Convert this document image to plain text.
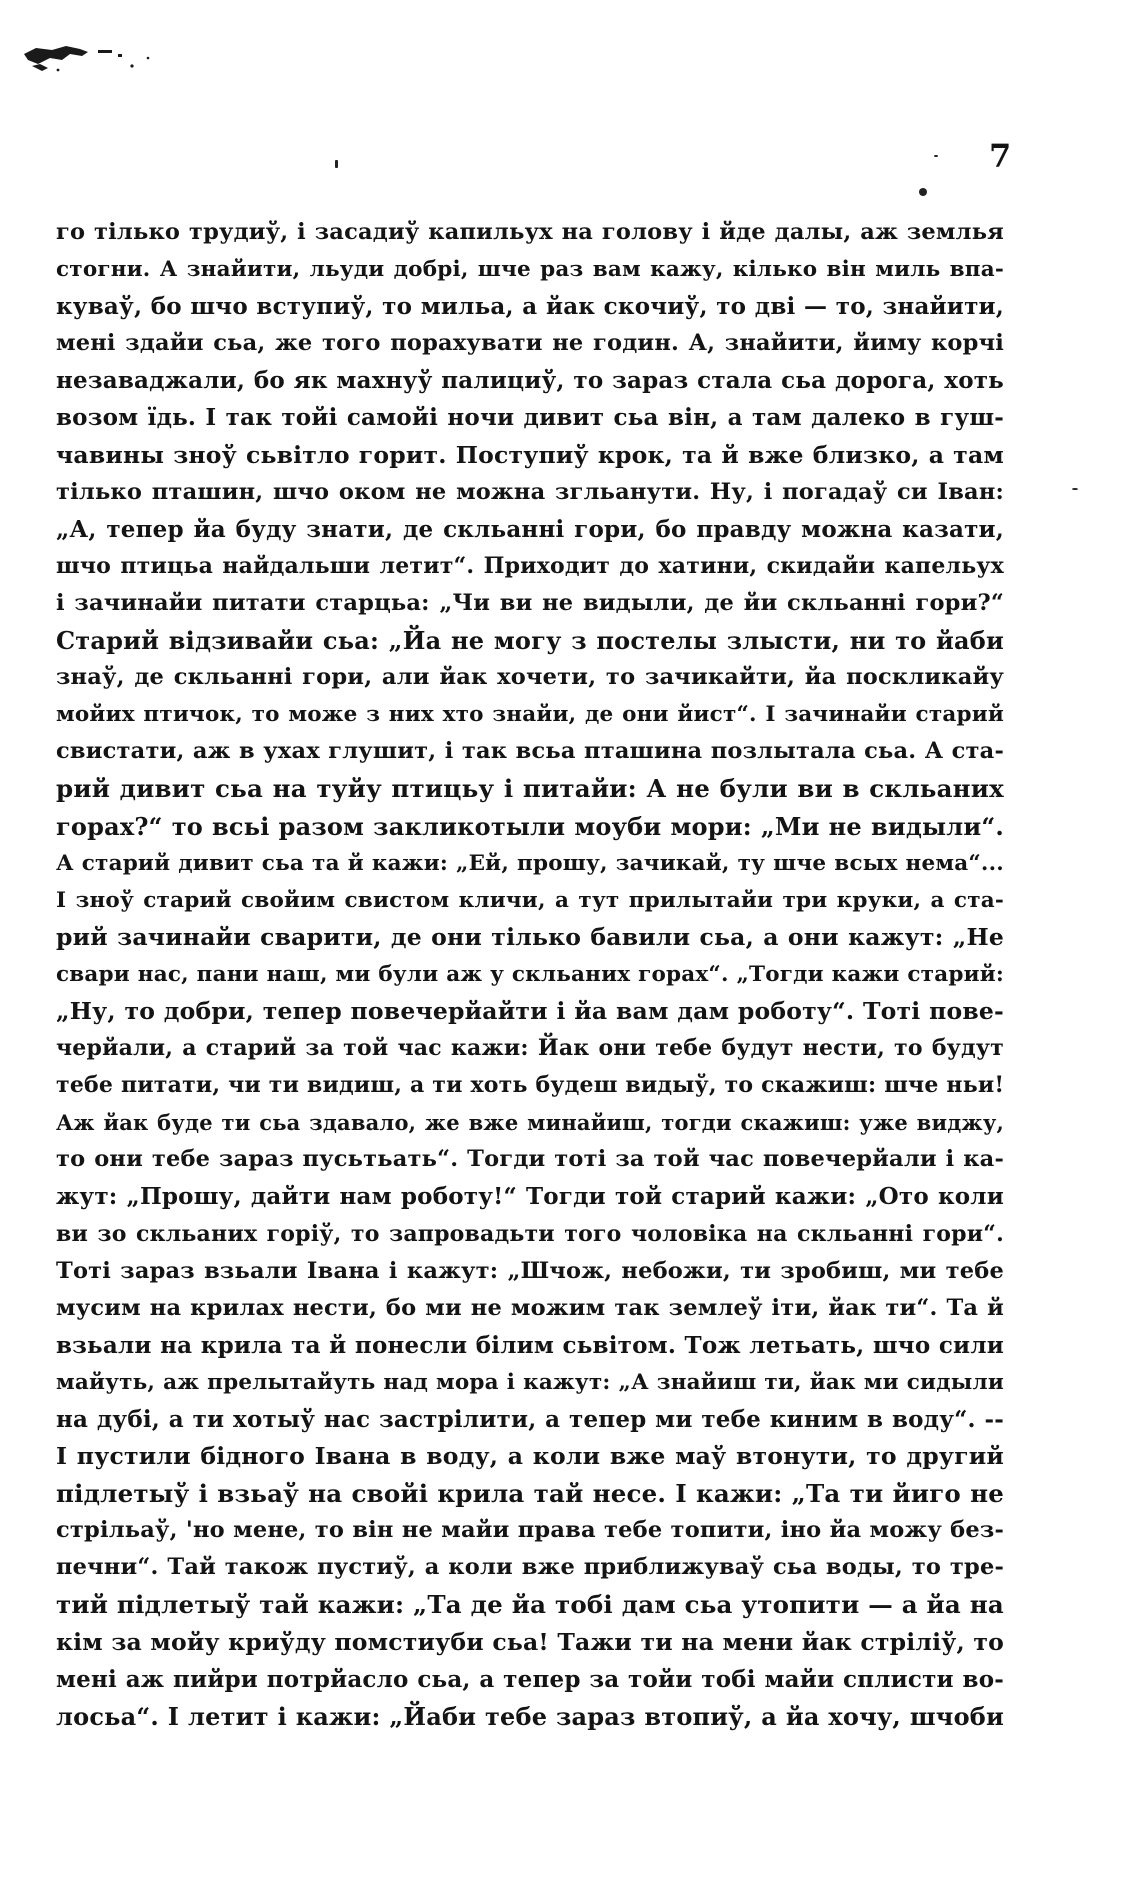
7
го тілько трудиў, і засадиў капильух на голову і йде далы, аж землья
стогни. А знайити, льуди добрі, шче раз вам кажу, кілько він миль впа-
куваў, бо шчо вступиў, то мильа, а йак скочиў, то дві — то, знайити,
мені здайи сьа, же того порахувати не годин. А, знайити, йиму корчі
незаваджали, бо як махнуў палициў, то зараз стала сьа дорога, хоть
возом їдь. І так тойі самойі ночи дивит сьа він, а там далеко в гуш-
чавины зноў сьвітло горит. Поступиў крок, та й вже близко, а там
тілько пташин, шчо оком не можна згльанути. Ну, і погадаў си Іван:
„А, тепер йа буду знати, де скльанні гори, бо правду можна казати,
шчо птицьа найдальши летит“. Приходит до хатини, скидайи капельух
і зачинайи питати старцьа: „Чи ви не видыли, де йи скльанні гори?“
Старий відзивайи сьа: „Йа не могу з постелы злысти, ни то йаби
знаў, де скльанні гори, али йак хочети, то зачикайти, йа поскликайу
мойих птичок, то може з них хто знайи, де они йист“. І зачинайи старий
свистати, аж в ухах глушит, і так всьа пташина позлытала сьа. А ста-
рий дивит сьа на туйу птицьу і питайи: А не були ви в скльаних
горах?“ то всьі разом закликотыли моуби мори: „Ми не видыли“.
А старий дивит сьа та й кажи: „Ей, прошу, зачикай, ту шче всых нема“...
І зноў старий свойим свистом кличи, а тут прилытайи три круки, а ста-
рий зачинайи сварити, де они тілько бавили сьа, а они кажут: „Не
свари нас, пани наш, ми були аж у скльаних горах“. „Тогди кажи старий:
„Ну, то добри, тепер повечерйайти і йа вам дам роботу“. Тоті пове-
черйали, а старий за той час кажи: Йак они тебе будут нести, то будут
тебе питати, чи ти видиш, а ти хоть будеш видыў, то скажиш: шче ньи!
Аж йак буде ти сьа здавало, же вже минайиш, тогди скажиш: уже виджу,
то они тебе зараз пусьтьать“. Тогди тоті за той час повечерйали і ка-
жут: „Прошу, дайти нам роботу!“ Тогди той старий кажи: „Ото коли
ви зо скльаних горіў, то запровадьти того чоловіка на скльанні гори“.
Тоті зараз взьали Івана і кажут: „Шчож, небожи, ти зробиш, ми тебе
мусим на крилах нести, бо ми не можим так землеў іти, йак ти“. Та й
взьали на крила та й понесли білим сьвітом. Тож летьать, шчо сили
майуть, аж прелытайуть над мора і кажут: „А знайиш ти, йак ми сидыли
на дубі, а ти хотыў нас застрілити, а тепер ми тебе киним в воду“. --
І пустили бідного Івана в воду, а коли вже маў втонути, то другий
підлетыў і взьаў на свойі крила тай несе. І кажи: „Та ти йиго не
стрільаў, 'но мене, то він не майи права тебе топити, іно йа можу без-
печни“. Тай також пустиў, а коли вже приближуваў сьа воды, то тре-
тий підлетыў тай кажи: „Та де йа тобі дам сьа утопити — а йа на
кім за мойу криўду помстиуби сьа! Тажи ти на мени йак стріліў, то
мені аж пийри потрйасло сьа, а тепер за тойи тобі майи сплисти во-
лосьа“. І летит і кажи: „Йаби тебе зараз втопиў, а йа хочу, шчоби
